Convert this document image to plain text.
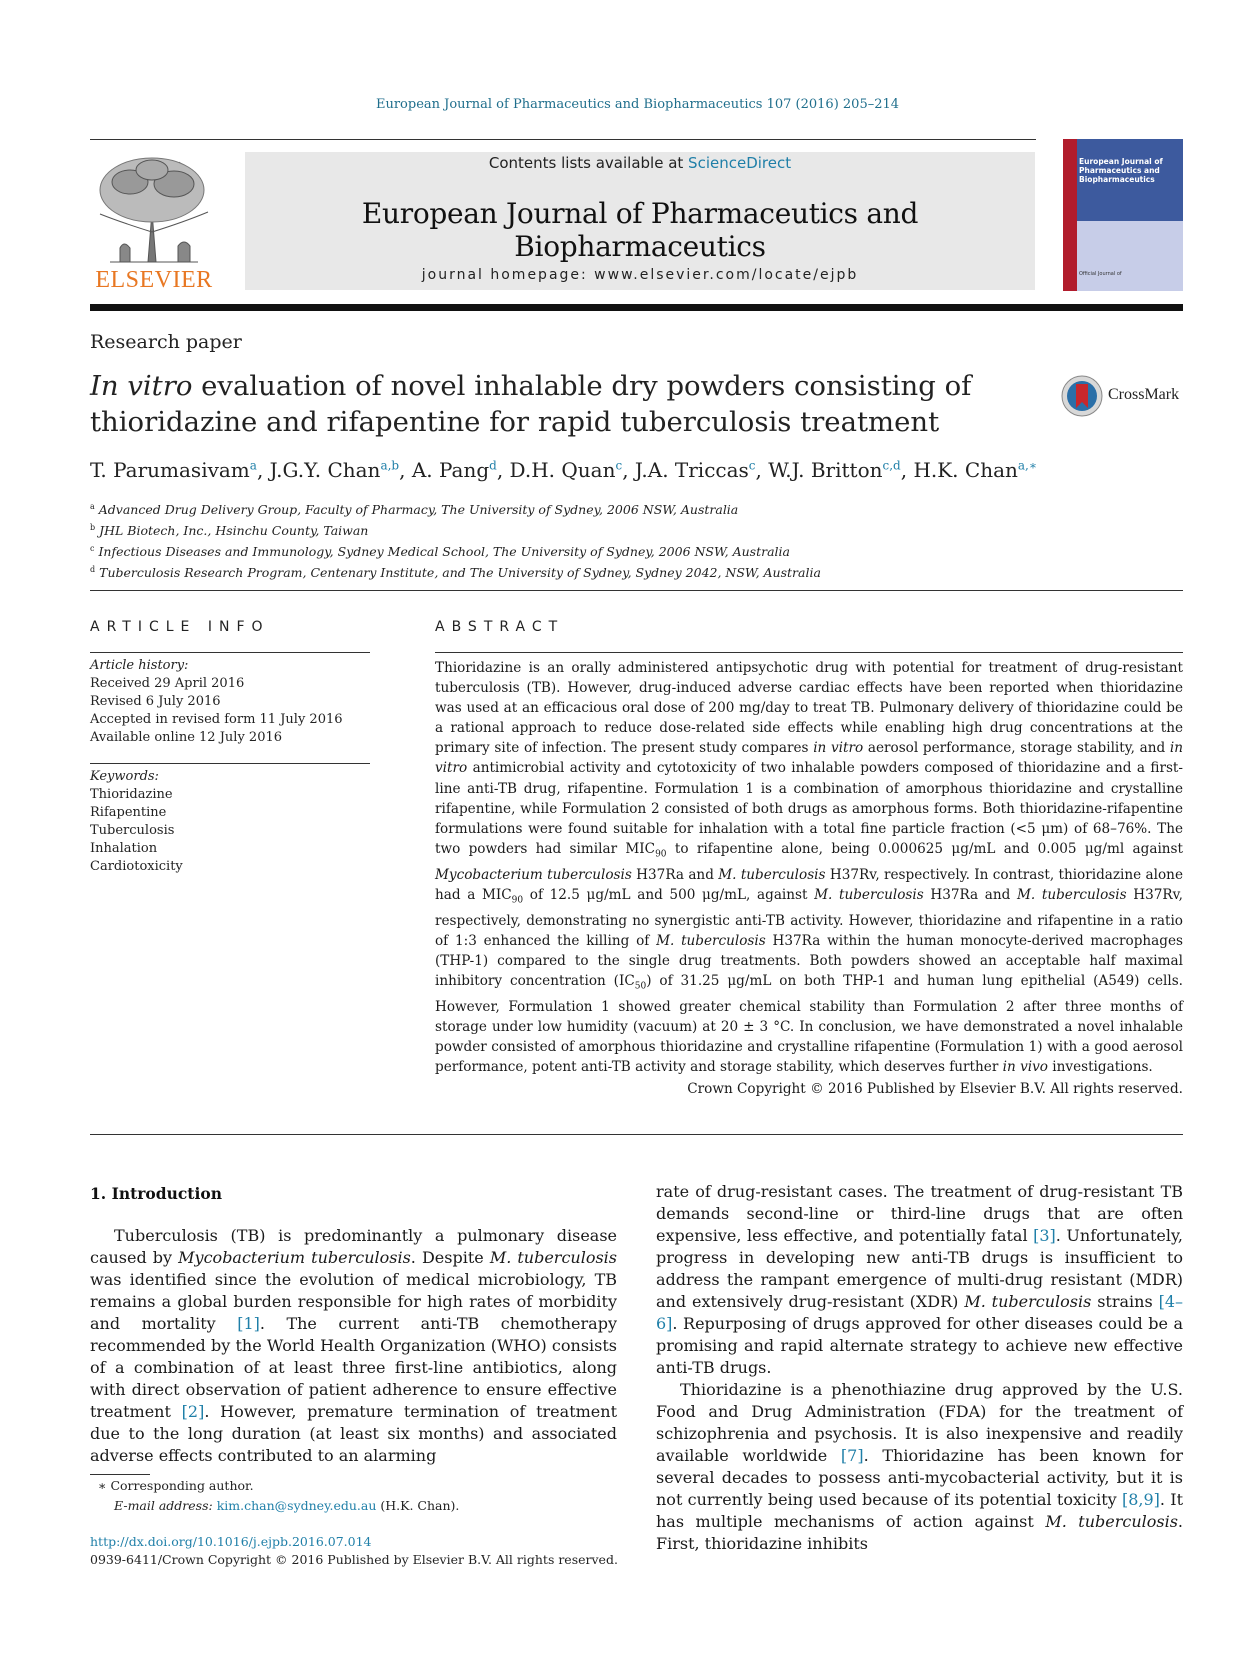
European Journal of Pharmaceutics and Biopharmaceutics 107 (2016) 205–214
ELSEVIER
Contents lists available at ScienceDirect
European Journal of Pharmaceutics and Biopharmaceutics
journal homepage: www.elsevier.com/locate/ejpb
European Journal of Pharmaceutics and Biopharmaceutics
Official Journal of
Research paper
In vitro evaluation of novel inhalable dry powders consisting of thioridazine and rifapentine for rapid tuberculosis treatment
CrossMark
T. Parumasivam$^a$, J.G.Y. Chan$^{a,b}$, A. Pang$^d$, D.H. Quan$^c$, J.A. Triccas$^c$, W.J. Britton$^{c,d}$, H.K. Chan$^{a,∗}$
$^a$ Advanced Drug Delivery Group, Faculty of Pharmacy, The University of Sydney, 2006 NSW, Australia
$^b$ JHL Biotech, Inc., Hsinchu County, Taiwan
$^c$ Infectious Diseases and Immunology, Sydney Medical School, The University of Sydney, 2006 NSW, Australia
$^d$ Tuberculosis Research Program, Centenary Institute, and The University of Sydney, Sydney 2042, NSW, Australia
ARTICLE INFO	ABSTRACT
Article history:
Received 29 April 2016
Revised 6 July 2016
Accepted in revised form 11 July 2016
Available online 12 July 2016
Keywords:
Thioridazine
Rifapentine
Tuberculosis
Inhalation
Cardiotoxicity
Thioridazine is an orally administered antipsychotic drug with potential for treatment of drug-resistant tuberculosis (TB). However, drug-induced adverse cardiac effects have been reported when thioridazine was used at an efficacious oral dose of 200 mg/day to treat TB. Pulmonary delivery of thioridazine could be a rational approach to reduce dose-related side effects while enabling high drug concentrations at the primary site of infection. The present study compares in vitro aerosol performance, storage stability, and in vitro antimicrobial activity and cytotoxicity of two inhalable powders composed of thioridazine and a first-line anti-TB drug, rifapentine. Formulation 1 is a combination of amorphous thioridazine and crystalline rifapentine, while Formulation 2 consisted of both drugs as amorphous forms. Both thioridazine-rifapentine formulations were found suitable for inhalation with a total fine particle fraction (<5 μm) of 68–76%. The two powders had similar $MIC_{90}$ to rifapentine alone, being 0.000625 μg/mL and 0.005 μg/ml against Mycobacterium tuberculosis H37Ra and M. tuberculosis H37Rv, respectively. In contrast, thioridazine alone had a $MIC_{90}$ of 12.5 μg/mL and 500 μg/mL, against M. tuberculosis H37Ra and M. tuberculosis H37Rv, respectively, demonstrating no synergistic anti-TB activity. However, thioridazine and rifapentine in a ratio of 1:3 enhanced the killing of M. tuberculosis H37Ra within the human monocyte-derived macrophages (THP-1) compared to the single drug treatments. Both powders showed an acceptable half maximal inhibitory concentration $(IC_{50})$ of 31.25 μg/mL on both THP-1 and human lung epithelial (A549) cells. However, Formulation 1 showed greater chemical stability than Formulation 2 after three months of storage under low humidity (vacuum) at 20 ± 3 °C. In conclusion, we have demonstrated a novel inhalable powder consisted of amorphous thioridazine and crystalline rifapentine (Formulation 1) with a good aerosol performance, potent anti-TB activity and storage stability, which deserves further in vivo investigations.
Crown Copyright © 2016 Published by Elsevier B.V. All rights reserved.
1. Introduction

Tuberculosis (TB) is predominantly a pulmonary disease caused by Mycobacterium tuberculosis. Despite M. tuberculosis was identified since the evolution of medical microbiology, TB remains a global burden responsible for high rates of morbidity and mortality [1]. The current anti-TB chemotherapy recommended by the World Health Organization (WHO) consists of a combination of at least three first-line antibiotics, along with direct observation of patient adherence to ensure effective treatment [2]. However, premature termination of treatment due to the long duration (at least six months) and associated adverse effects contributed to an alarming

rate of drug-resistant cases. The treatment of drug-resistant TB demands second-line or third-line drugs that are often expensive, less effective, and potentially fatal [3]. Unfortunately, progress in developing new anti-TB drugs is insufficient to address the rampant emergence of multi-drug resistant (MDR) and extensively drug-resistant (XDR) M. tuberculosis strains [4–6]. Repurposing of drugs approved for other diseases could be a promising and rapid alternate strategy to achieve new effective anti-TB drugs.

Thioridazine is a phenothiazine drug approved by the U.S. Food and Drug Administration (FDA) for the treatment of schizophrenia and psychosis. It is also inexpensive and readily available worldwide [7]. Thioridazine has been known for several decades to possess anti-mycobacterial activity, but it is not currently being used because of its potential toxicity [8,9]. It has multiple mechanisms of action against M. tuberculosis. First, thioridazine inhibits

∗ Corresponding author.
E-mail address: kim.chan@sydney.edu.au (H.K. Chan).
http://dx.doi.org/10.1016/j.ejpb.2016.07.014
0939-6411/Crown Copyright © 2016 Published by Elsevier B.V. All rights reserved.
